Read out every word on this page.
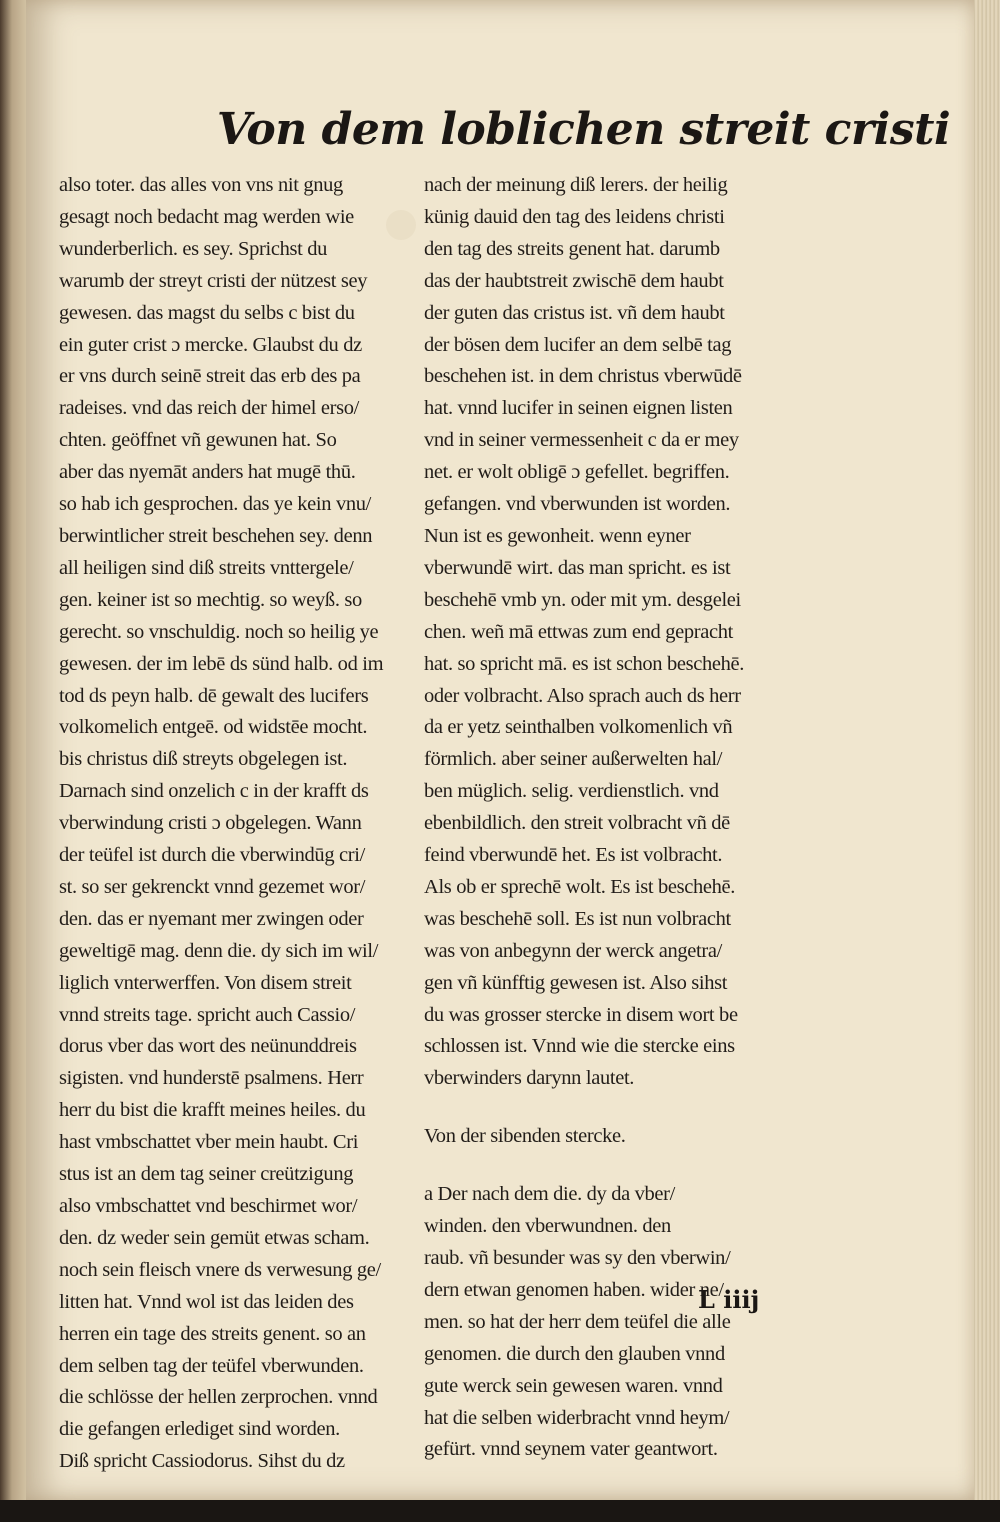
Von dem loblichen streit cristi
also toter. das alles von vns nit gnug
gesagt noch bedacht mag werden wie
wunderberlich. es sey. Sprichst du
warumb der streyt cristi der nützest sey
gewesen. das magst du selbs c bist du
ein guter crist ɔ mercke. Glaubst du dz
er vns durch seinē streit das erb des pa
radeises. vnd das reich der himel erso/
chten. geöffnet vñ gewunen hat. So
aber das nyemāt anders hat mugē thū.
so hab ich gesprochen. das ye kein vnu/
berwintlicher streit beschehen sey. denn
all heiligen sind diß streits vnttergele/
gen. keiner ist so mechtig. so weyß. so
gerecht. so vnschuldig. noch so heilig ye
gewesen. der im lebē ds sünd halb. od im
tod ds peyn halb. dē gewalt des lucifers
volkomelich entgeē. od widstēe mocht.
bis christus diß streyts obgelegen ist.
Darnach sind onzelich c in der krafft ds
vberwindung cristi ɔ obgelegen. Wann
der teüfel ist durch die vberwindūg cri/
st. so ser gekrenckt vnnd gezemet wor/
den. das er nyemant mer zwingen oder
geweltigē mag. denn die. dy sich im wil/
liglich vnterwerffen. Von disem streit
vnnd streits tage. spricht auch Cassio/
dorus vber das wort des neünunddreis
sigisten. vnd hunderstē psalmens. Herr
herr du bist die krafft meines heiles. du
hast vmbschattet vber mein haubt. Cri
stus ist an dem tag seiner creützigung
also vmbschattet vnd beschirmet wor/
den. dz weder sein gemüt etwas scham.
noch sein fleisch vnere ds verwesung ge/
litten hat. Vnnd wol ist das leiden des
herren ein tage des streits genent. so an
dem selben tag der teüfel vberwunden.
die schlösse der hellen zerprochen. vnnd
die gefangen erlediget sind worden.
Diß spricht Cassiodorus. Sihst du dz
nach der meinung diß lerers. der heilig
künig dauid den tag des leidens christi
den tag des streits genent hat. darumb
das der haubtstreit zwischē dem haubt
der guten das cristus ist. vñ dem haubt
der bösen dem lucifer an dem selbē tag
beschehen ist. in dem christus vberwūdē
hat. vnnd lucifer in seinen eignen listen
vnd in seiner vermessenheit c da er mey
net. er wolt obligē ɔ gefellet. begriffen.
gefangen. vnd vberwunden ist worden.
Nun ist es gewonheit. wenn eyner
vberwundē wirt. das man spricht. es ist
beschehē vmb yn. oder mit ym. desgelei
chen. weñ mā ettwas zum end gepracht
hat. so spricht mā. es ist schon beschehē.
oder volbracht. Also sprach auch ds herr
da er yetz seinthalben volkomenlich vñ
förmlich. aber seiner außerwelten hal/
ben müglich. selig. verdienstlich. vnd
ebenbildlich. den streit volbracht vñ dē
feind vberwundē het. Es ist volbracht.
Als ob er sprechē wolt. Es ist beschehē.
was beschehē soll. Es ist nun volbracht
was von anbegynn der werck angetra/
gen vñ künfftig gewesen ist. Also sihst
du was grosser stercke in disem wort be
schlossen ist. Vnnd wie die stercke eins
vberwinders darynn lautet.
Von der sibenden stercke.
a Der nach dem die. dy da vber/
winden. den vberwundnen. den
raub. vñ besunder was sy den vberwin/
dern etwan genomen haben. wider ne/
men. so hat der herr dem teüfel die alle
genomen. die durch den glauben vnnd
gute werck sein gewesen waren. vnnd
hat die selben widerbracht vnnd heym/
gefürt. vnnd seynem vater geantwort.
L iiij
